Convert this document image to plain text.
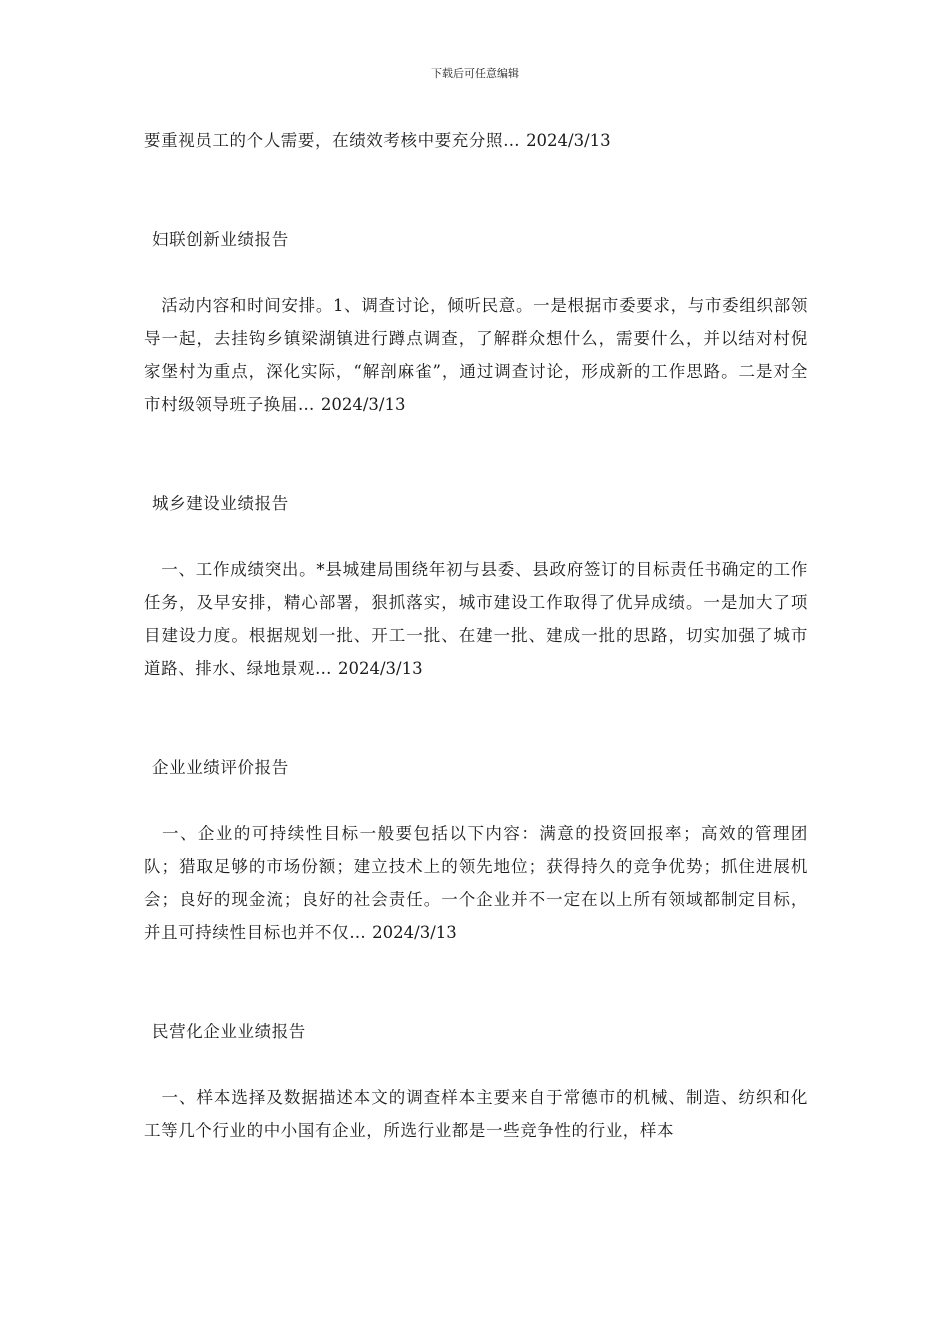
下载后可任意编辑

要重视员工的个人需要，在绩效考核中要充分照… 2024/3/13

妇联创新业绩报告

　活动内容和时间安排。1、调查讨论，倾听民意。一是根据市委要求，与市委组织部领导一起，去挂钩乡镇梁湖镇进行蹲点调查，了解群众想什么，需要什么，并以结对村倪家堡村为重点，深化实际，“解剖麻雀”，通过调查讨论，形成新的工作思路。二是对全市村级领导班子换届… 2024/3/13

城乡建设业绩报告

　一、工作成绩突出。*县城建局围绕年初与县委、县政府签订的目标责任书确定的工作任务，及早安排，精心部署，狠抓落实，城市建设工作取得了优异成绩。一是加大了项目建设力度。根据规划一批、开工一批、在建一批、建成一批的思路，切实加强了城市道路、排水、绿地景观… 2024/3/13

企业业绩评价报告

　一、企业的可持续性目标一般要包括以下内容：满意的投资回报率；高效的管理团队；猎取足够的市场份额；建立技术上的领先地位；获得持久的竞争优势；抓住进展机会；良好的现金流；良好的社会责任。一个企业并不一定在以上所有领域都制定目标，并且可持续性目标也并不仅… 2024/3/13

民营化企业业绩报告

　一、样本选择及数据描述本文的调查样本主要来自于常德市的机械、制造、纺织和化工等几个行业的中小国有企业，所选行业都是一些竞争性的行业，样本
